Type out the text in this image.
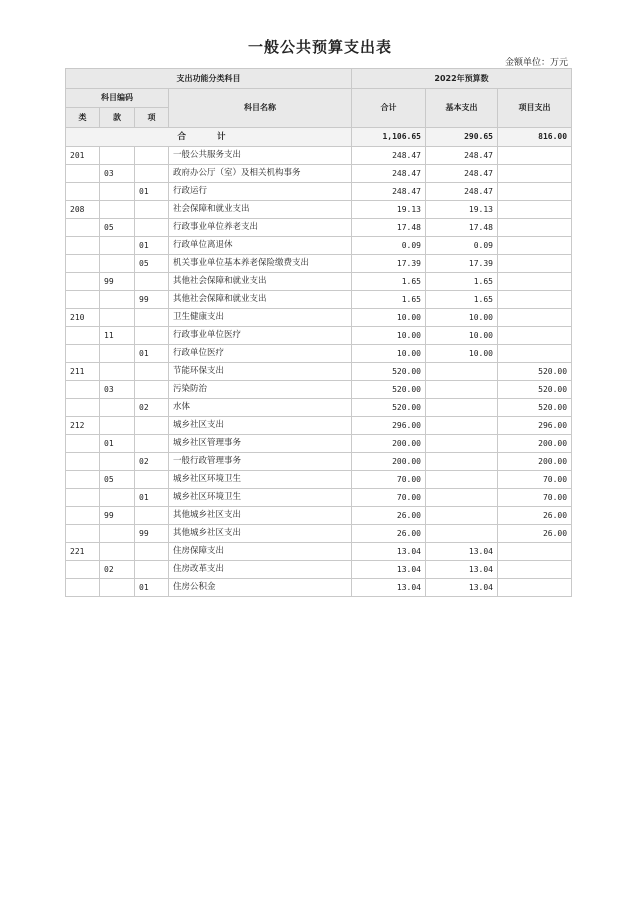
一般公共预算支出表
金额单位：万元
支出功能分类科目				2022年预算数		
科目编码			科目名称	合计	基本支出	项目支出
类	款	项				
合 计				1,106.65	290.65	816.00
201			一般公共服务支出	248.47	248.47	
	03		政府办公厅（室）及相关机构事务	248.47	248.47	
		01	行政运行	248.47	248.47	
208			社会保障和就业支出	19.13	19.13	
	05		行政事业单位养老支出	17.48	17.48	
		01	行政单位离退休	0.09	0.09	
		05	机关事业单位基本养老保险缴费支出	17.39	17.39	
	99		其他社会保障和就业支出	1.65	1.65	
		99	其他社会保障和就业支出	1.65	1.65	
210			卫生健康支出	10.00	10.00	
	11		行政事业单位医疗	10.00	10.00	
		01	行政单位医疗	10.00	10.00	
211			节能环保支出	520.00		520.00
	03		污染防治	520.00		520.00
		02	水体	520.00		520.00
212			城乡社区支出	296.00		296.00
	01		城乡社区管理事务	200.00		200.00
		02	一般行政管理事务	200.00		200.00
	05		城乡社区环境卫生	70.00		70.00
		01	城乡社区环境卫生	70.00		70.00
	99		其他城乡社区支出	26.00		26.00
		99	其他城乡社区支出	26.00		26.00
221			住房保障支出	13.04	13.04	
	02		住房改革支出	13.04	13.04	
		01	住房公积金	13.04	13.04	
